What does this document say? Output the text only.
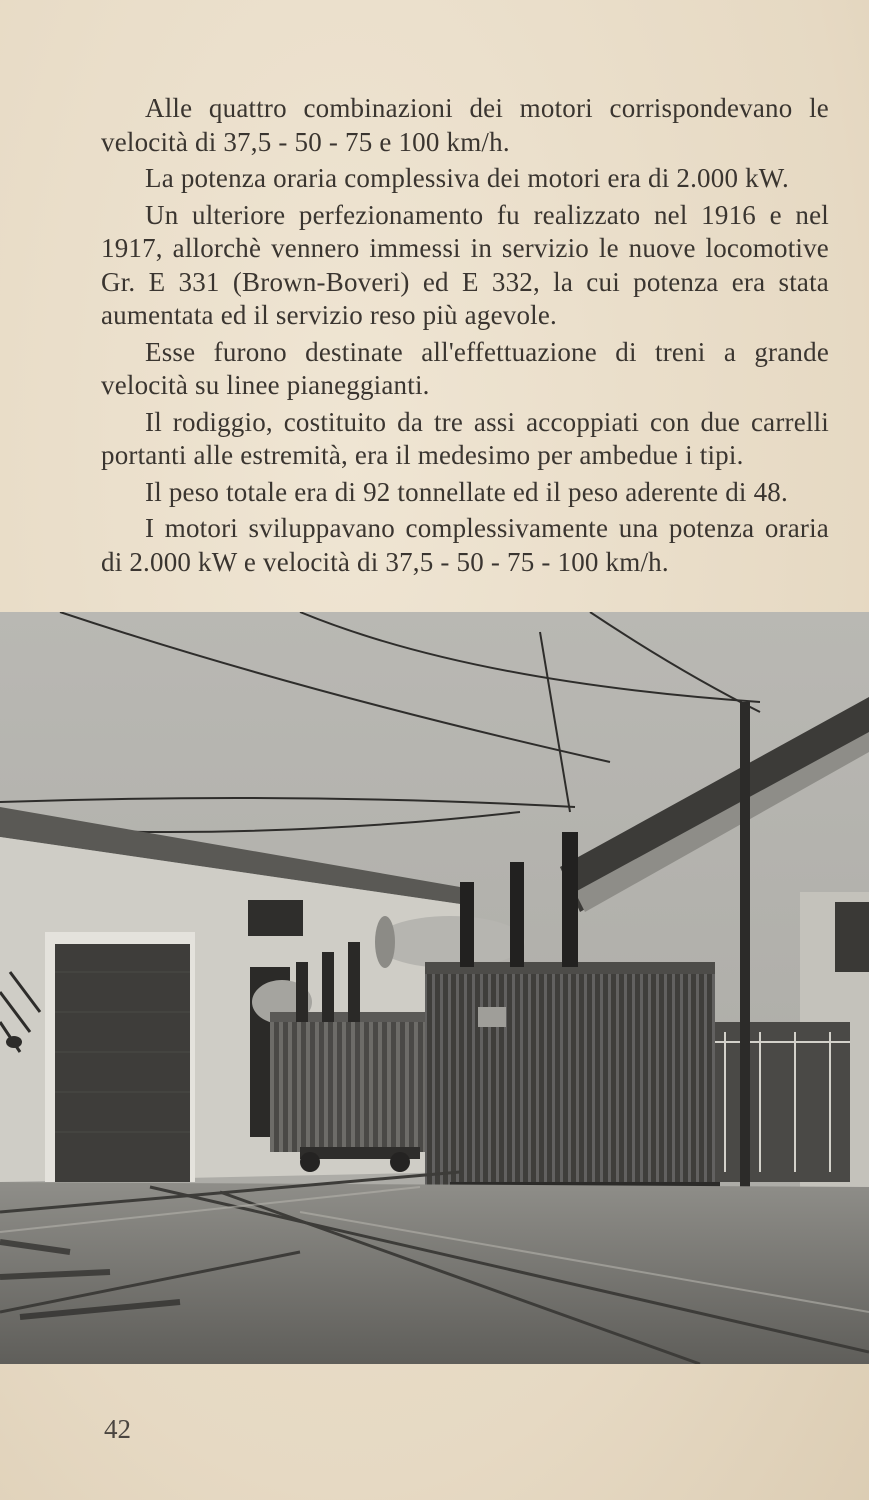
Alle quattro combinazioni dei motori corrispondevano le velocità di 37,5 - 50 - 75 e 100 km/h.

La potenza oraria complessiva dei motori era di 2.000 kW.

Un ulteriore perfezionamento fu realizzato nel 1916 e nel 1917, allorchè vennero immessi in servizio le nuove locomotive Gr. E 331 (Brown-Boveri) ed E 332, la cui potenza era stata aumentata ed il servizio reso più agevole.

Esse furono destinate all'effettuazione di treni a grande velocità su linee pianeggianti.

Il rodiggio, costituito da tre assi accoppiati con due carrelli portanti alle estremità, era il medesimo per ambedue i tipi.

Il peso totale era di 92 tonnellate ed il peso aderente di 48.

I motori sviluppavano complessivamente una potenza oraria di 2.000 kW e velocità di 37,5 - 50 - 75 - 100 km/h.

42
